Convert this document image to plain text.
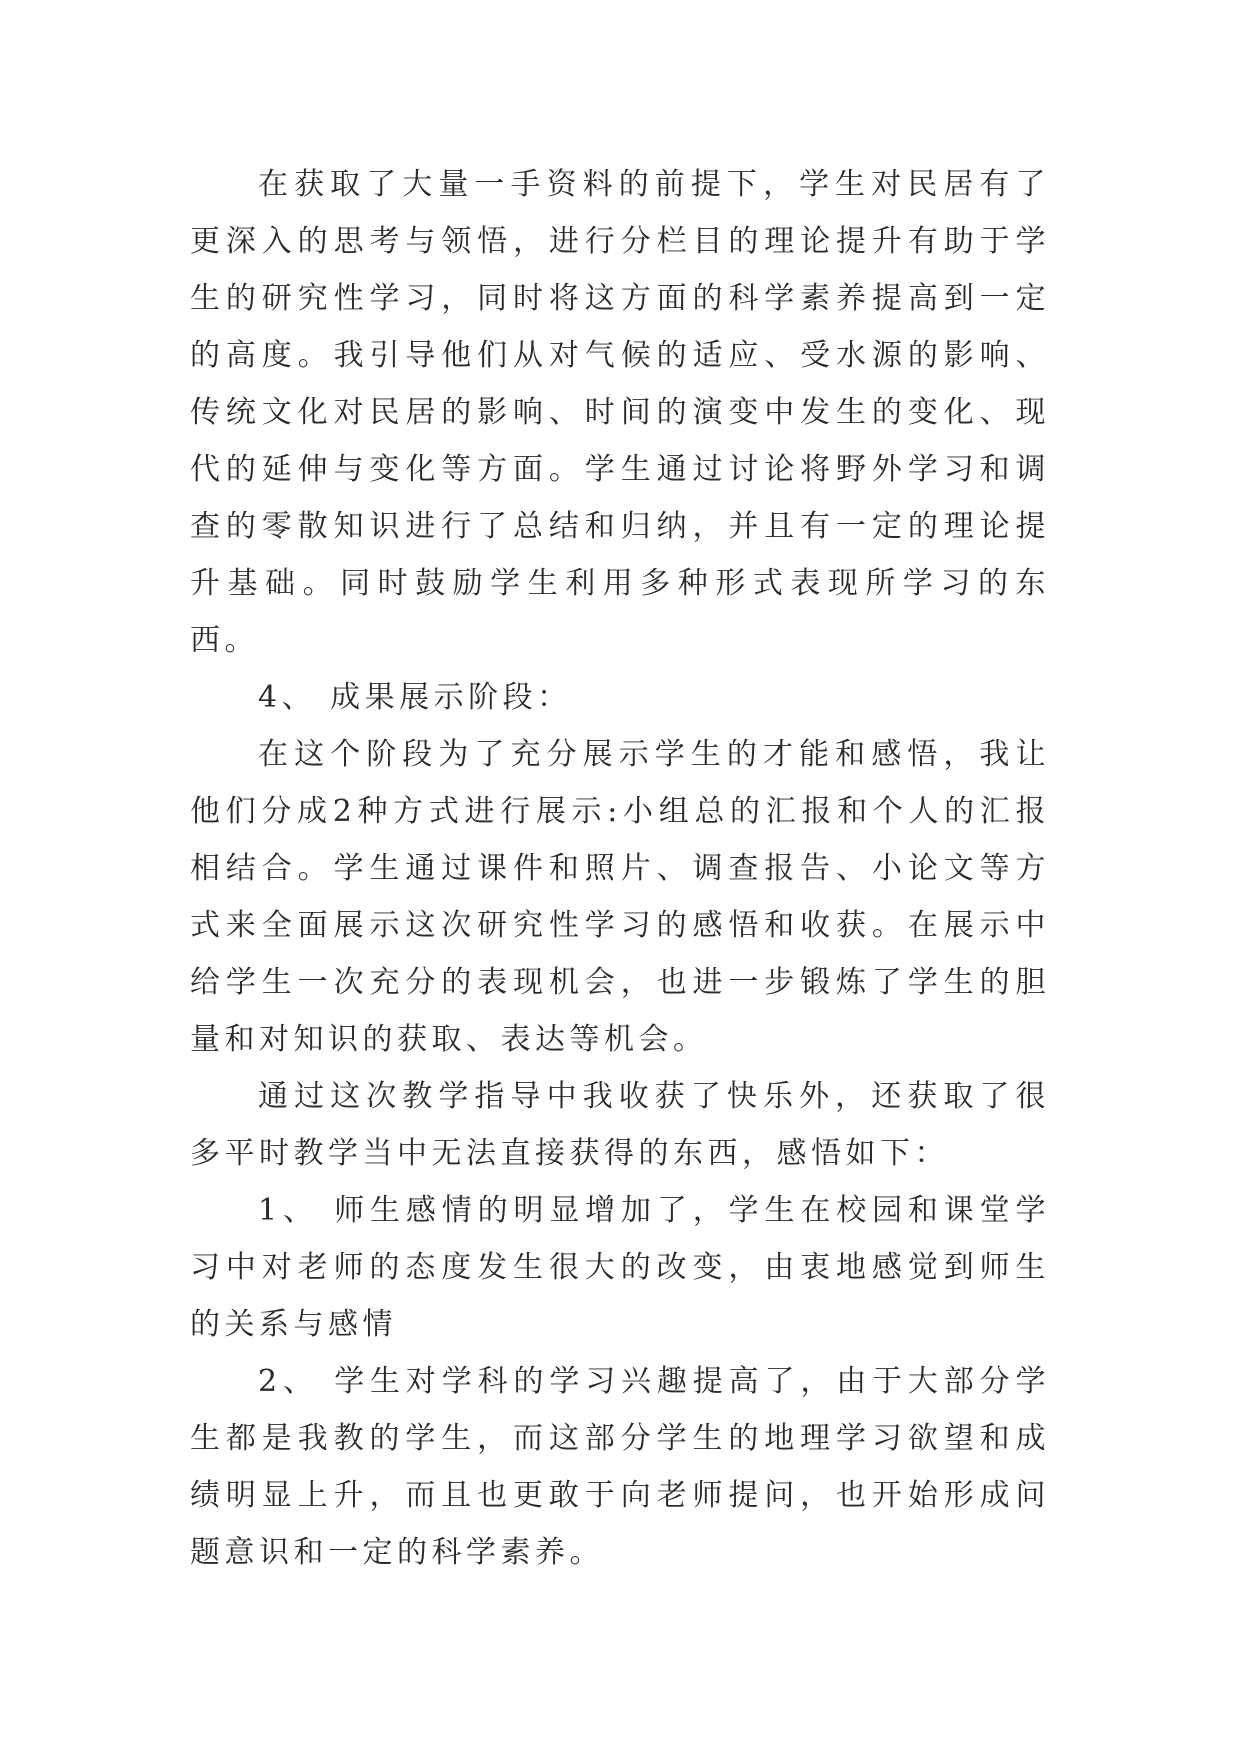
在获取了大量一手资料的前提下，学生对民居有了更深入的思考与领悟，进行分栏目的理论提升有助于学生的研究性学习，同时将这方面的科学素养提高到一定的高度。我引导他们从对气候的适应、受水源的影响、传统文化对民居的影响、时间的演变中发生的变化、现代的延伸与变化等方面。学生通过讨论将野外学习和调查的零散知识进行了总结和归纳，并且有一定的理论提升基础。同时鼓励学生利用多种形式表现所学习的东西。

4、 成果展示阶段：

在这个阶段为了充分展示学生的才能和感悟，我让他们分成2种方式进行展示:小组总的汇报和个人的汇报相结合。学生通过课件和照片、调查报告、小论文等方式来全面展示这次研究性学习的感悟和收获。在展示中给学生一次充分的表现机会，也进一步锻炼了学生的胆量和对知识的获取、表达等机会。

通过这次教学指导中我收获了快乐外，还获取了很多平时教学当中无法直接获得的东西，感悟如下：

1、 师生感情的明显增加了，学生在校园和课堂学习中对老师的态度发生很大的改变，由衷地感觉到师生的关系与感情

2、 学生对学科的学习兴趣提高了，由于大部分学生都是我教的学生，而这部分学生的地理学习欲望和成绩明显上升，而且也更敢于向老师提问，也开始形成问题意识和一定的科学素养。
